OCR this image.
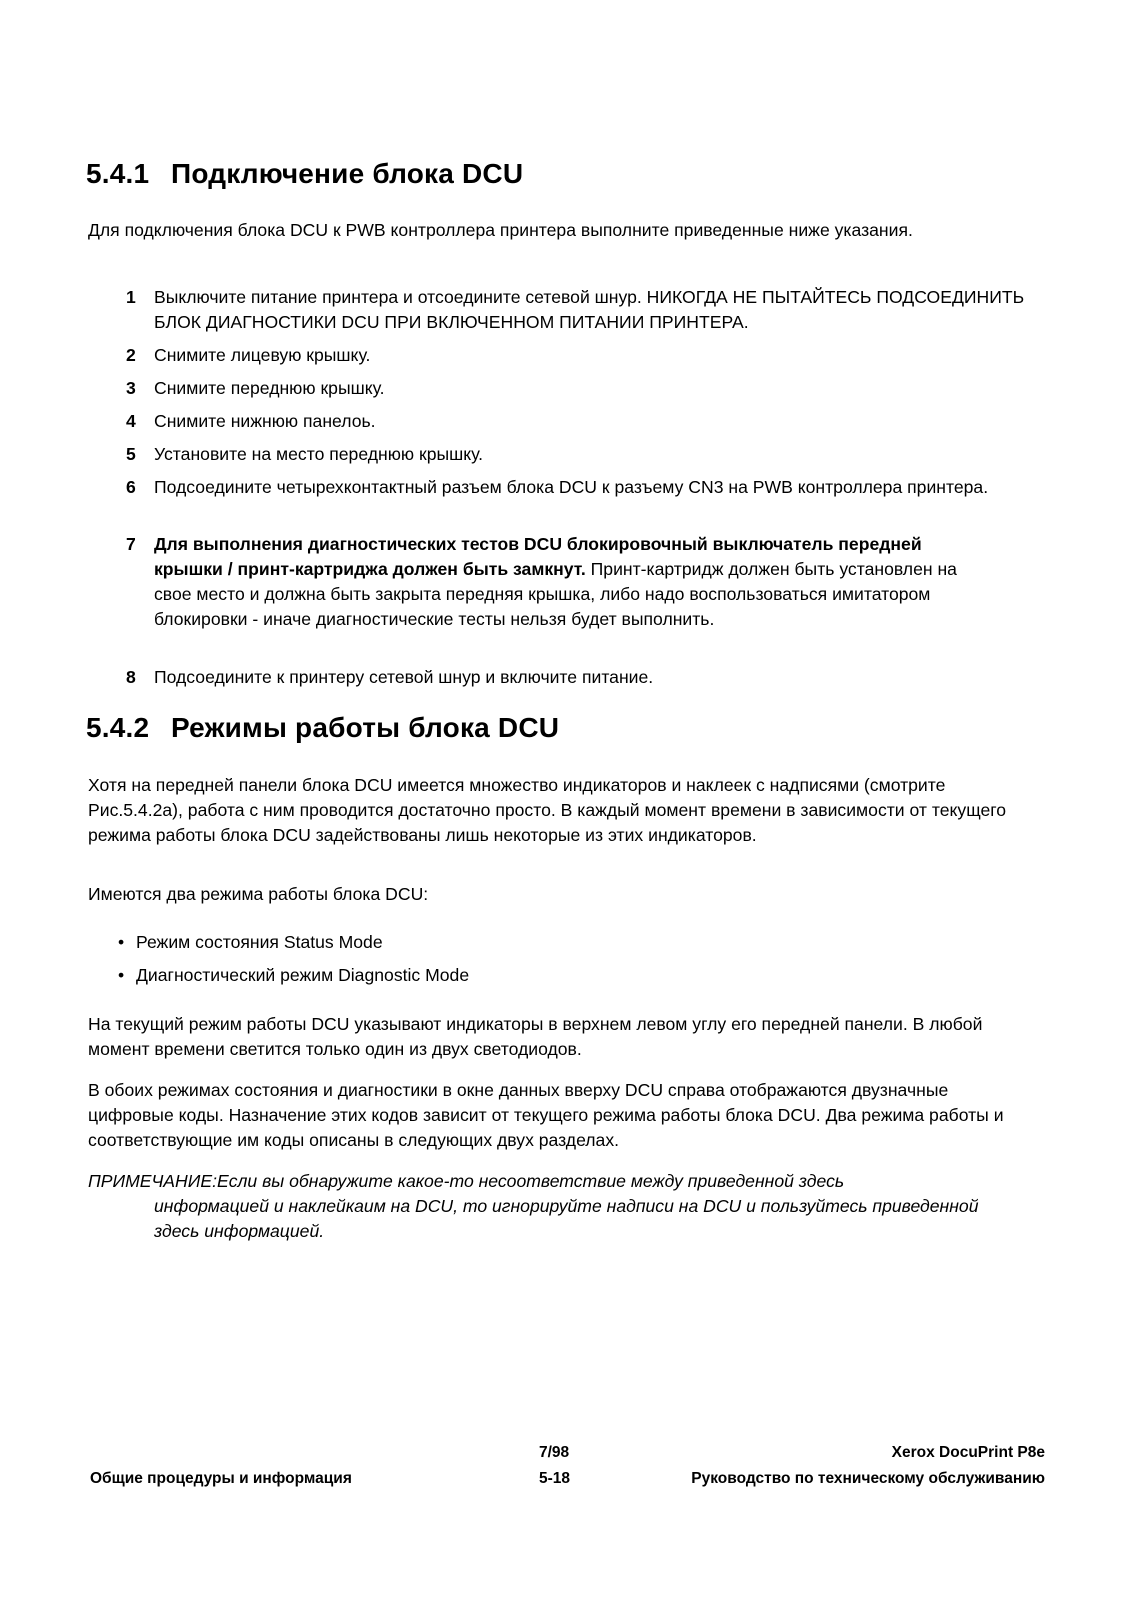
5.4.1 Подключение блока DCU

Для подключения блока DCU к PWB контроллера принтера выполните приведенные ниже указания.

1 Выключите питание принтера и отсоедините сетевой шнур. НИКОГДА НЕ ПЫТАЙТЕСЬ ПОДСОЕДИНИТЬ БЛОК ДИАГНОСТИКИ DCU ПРИ ВКЛЮЧЕННОМ ПИТАНИИ ПРИНТЕРА.
2 Снимите лицевую крышку.
3 Снимите переднюю крышку.
4 Снимите нижнюю панелоь.
5 Установите на место переднюю крышку.
6 Подсоедините четырехконтактный разъем блока DCU к разъему CN3 на PWB контроллера принтера.
7 Для выполнения диагностических тестов DCU блокировочный выключатель передней крышки / принт-картриджа должен быть замкнут. Принт-картридж должен быть установлен на свое место и должна быть закрыта передняя крышка, либо надо воспользоваться имитатором блокировки - иначе диагностические тесты нельзя будет выполнить.
8 Подсоедините к принтеру сетевой шнур и включите питание.
5.4.2 Режимы работы блока DCU

Хотя на передней панели блока DCU имеется множество индикаторов и наклеек с надписями (смотрите Рис.5.4.2а), работа с ним проводится достаточно просто. В каждый момент времени в зависимости от текущего режима работы блока DCU задействованы лишь некоторые из этих индикаторов.

Имеются два режима работы блока DCU:

• Режим состояния Status Mode
• Диагностический режим Diagnostic Mode

На текущий режим работы DCU указывают индикаторы в верхнем левом углу его передней панели. В любой момент времени светится только один из двух светодиодов.

В обоих режимах состояния и диагностики в окне данных вверху DCU справа отображаются двузначные цифровые коды. Назначение этих кодов зависит от текущего режима работы блока DCU. Два режима работы и соответствующие им коды описаны в следующих двух разделах.

ПРИМЕЧАНИЕ:Если вы обнаружите какое-то несоответствие между приведенной здесь
информацией и наклейкаим на DCU, то игнорируйте надписи на DCU и пользуйтесь приведенной здесь информацией.
7/98	Xerox DocuPrint P8e
Общие процедуры и информация	5-18	Руководство по техническому обслуживанию
